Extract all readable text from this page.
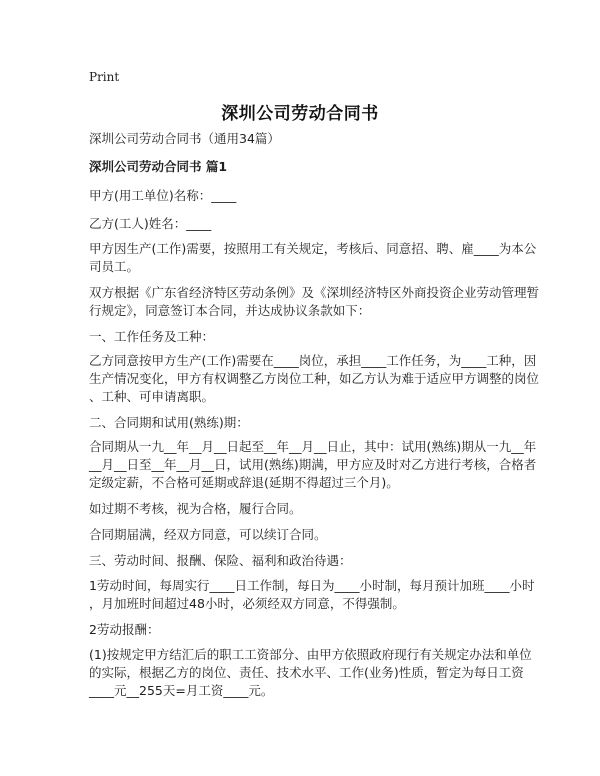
Print
深圳公司劳动合同书
深圳公司劳动合同书（通用34篇）
深圳公司劳动合同书 篇1
甲方(用工单位)名称：____
乙方(工人)姓名：____
甲方因生产(工作)需要，按照用工有关规定，考核后、同意招、聘、雇____为本公
司员工。
双方根据《广东省经济特区劳动条例》及《深圳经济特区外商投资企业劳动管理暂
行规定》，同意签订本合同，并达成协议条款如下：
一、工作任务及工种：
乙方同意按甲方生产(工作)需要在____岗位，承担____工作任务，为____工种，因
生产情况变化，甲方有权调整乙方岗位工种，如乙方认为难于适应甲方调整的岗位
、工种、可申请离职。
二、合同期和试用(熟练)期：
合同期从一九__年__月__日起至__年__月__日止，其中：试用(熟练)期从一九__年
__月__日至__年__月__日，试用(熟练)期满，甲方应及时对乙方进行考核，合格者
定级定薪，不合格可延期或辞退(延期不得超过三个月)。
如过期不考核，视为合格，履行合同。
合同期届满，经双方同意，可以续订合同。
三、劳动时间、报酬、保险、福利和政治待遇：
1劳动时间，每周实行____日工作制，每日为____小时制，每月预计加班____小时
，月加班时间超过48小时，必须经双方同意，不得强制。
2劳动报酬：
(1)按规定甲方结汇后的职工工资部分、由甲方依照政府现行有关规定办法和单位
的实际，根据乙方的岗位、责任、技术水平、工作(业务)性质，暂定为每日工资
____元__255天=月工资____元。
